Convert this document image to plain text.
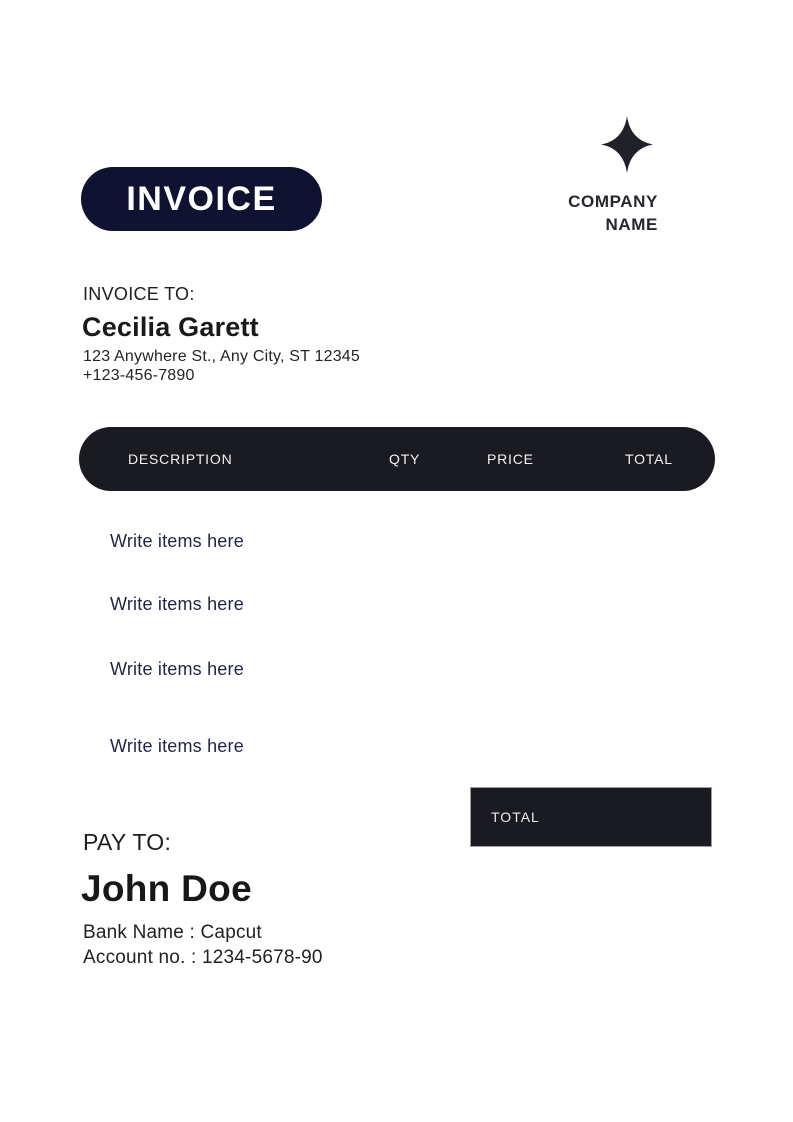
INVOICE	COMPANY
NAME
INVOICE TO:
Cecilia Garett
123 Anywhere St., Any City, ST 12345
+123-456-7890
DESCRIPTION	QTY	PRICE	TOTAL
Write items here
Write items here
Write items here
Write items here
TOTAL
PAY TO:
John Doe
Bank Name : Capcut
Account no. : 1234-5678-90
